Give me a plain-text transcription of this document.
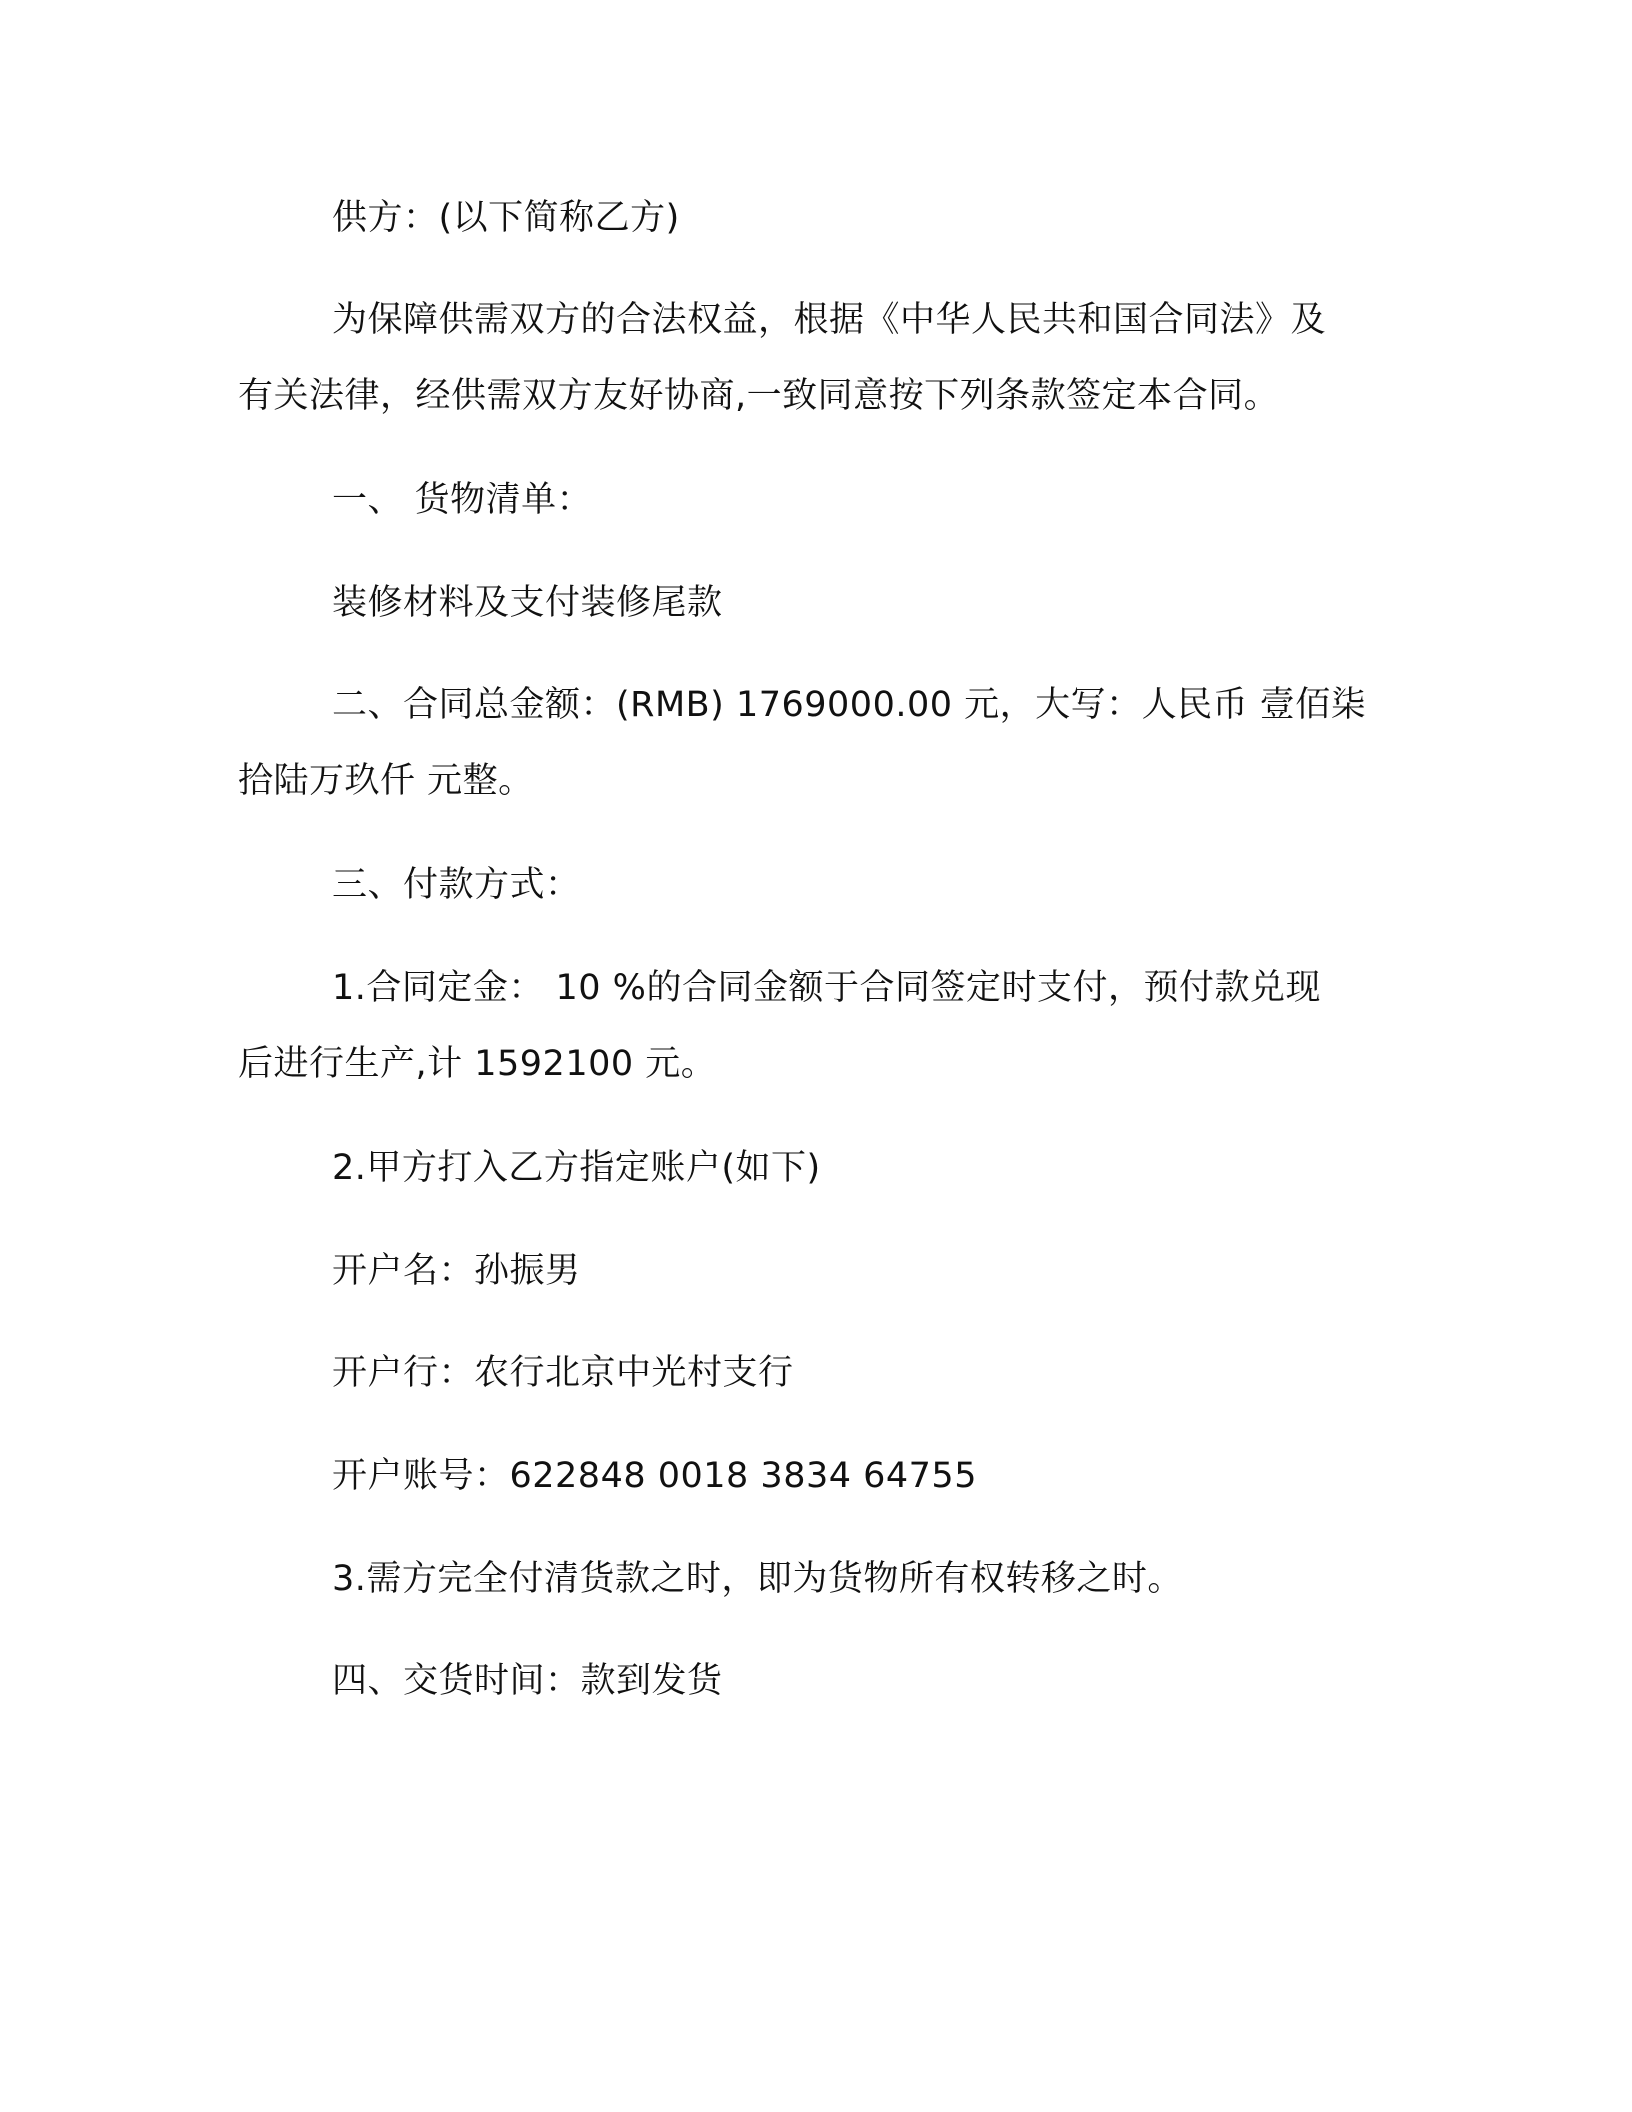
供方：(以下简称乙方)
为保障供需双方的合法权益，根据《中华人民共和国合同法》及
有关法律，经供需双方友好协商,一致同意按下列条款签定本合同。
一、 货物清单：
装修材料及支付装修尾款
二、合同总金额：(RMB) 1769000.00 元，大写：人民币 壹佰柒
拾陆万玖仟 元整。
三、付款方式：
1.合同定金： 10 %的合同金额于合同签定时支付，预付款兑现
后进行生产,计 1592100 元。
2.甲方打入乙方指定账户(如下)
开户名：孙振男
开户行：农行北京中光村支行
开户账号：622848 0018 3834 64755
3.需方完全付清货款之时，即为货物所有权转移之时。
四、交货时间：款到发货
